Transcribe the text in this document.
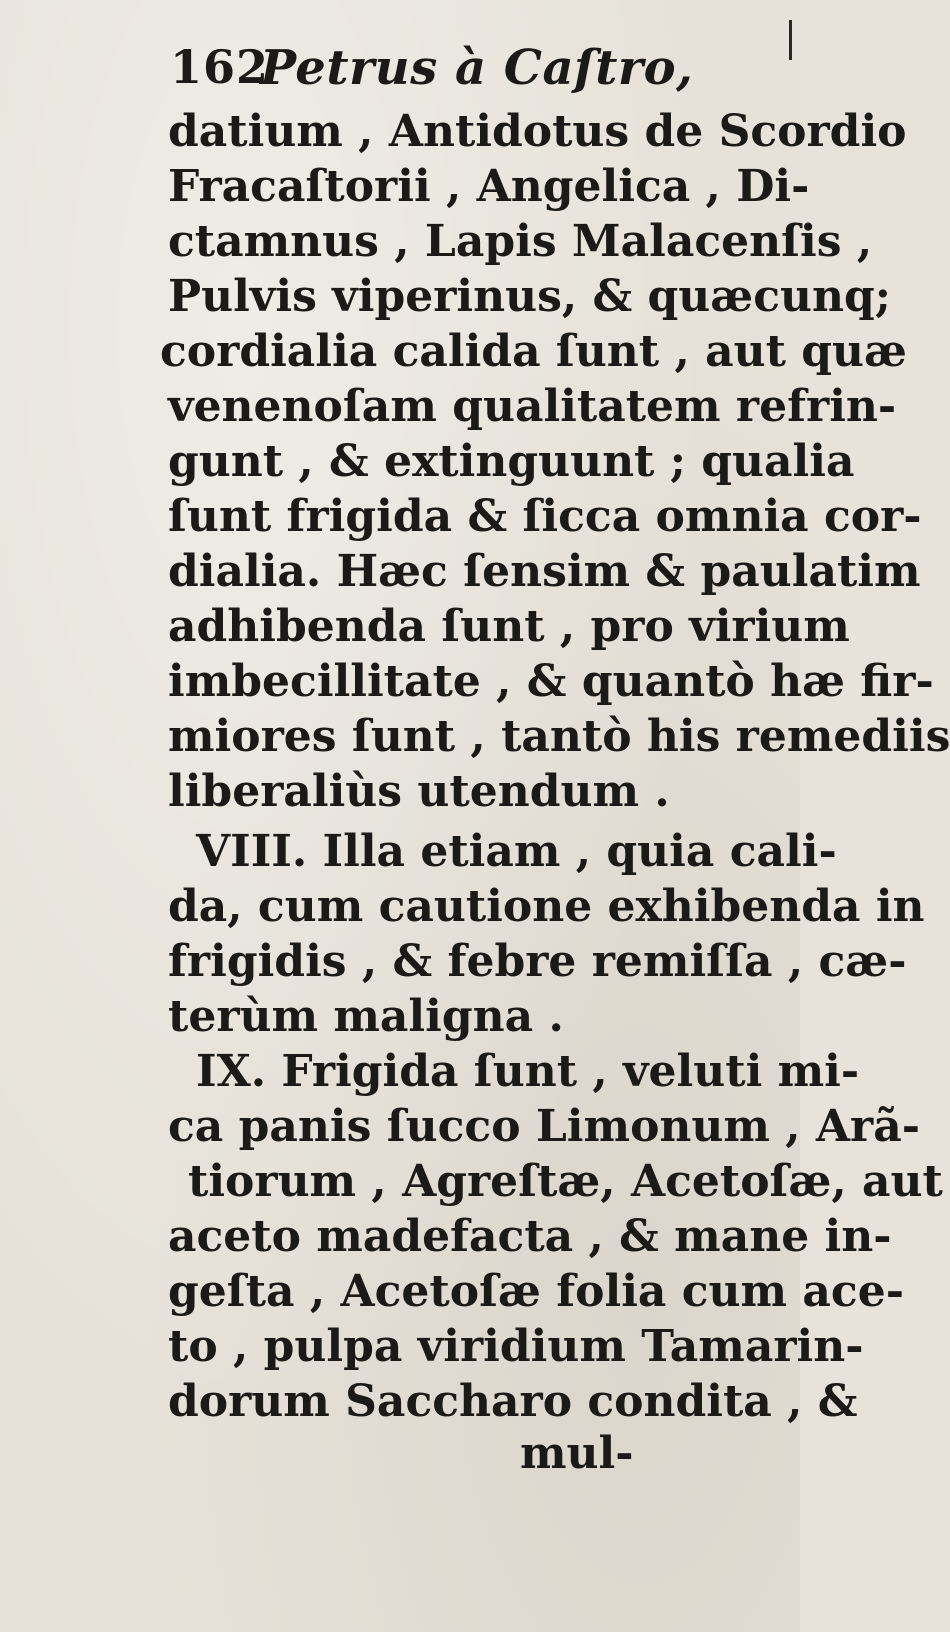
162
Petrus à Caſtro,
datium , Antidotus de Scordio
Fracaſtorii , Angelica , Di-
ctamnus , Lapis Malacenſis ,
Pulvis viperinus, & quæcunq;
cordialia calida ſunt , aut quæ
venenoſam qualitatem refrin-
gunt , & extinguunt ; qualia
ſunt frigida & ſicca omnia cor-
dialia. Hæc ſensim & paulatim
adhibenda ſunt , pro virium
imbecillitate , & quantò hæ fir-
miores ſunt , tantò his remediis
liberaliùs utendum .
VIII. Illa etiam , quia cali-
da, cum cautione exhibenda in
frigidis , & febre remiſſa , cæ-
terùm maligna .
IX. Frigida ſunt , veluti mi-
ca panis ſucco Limonum , Arã-
tiorum , Agreſtæ, Acetoſæ, aut
aceto madefacta , & mane in-
geſta , Acetoſæ folia cum ace-
to , pulpa viridium Tamarin-
dorum Saccharo condita , &
mul-
